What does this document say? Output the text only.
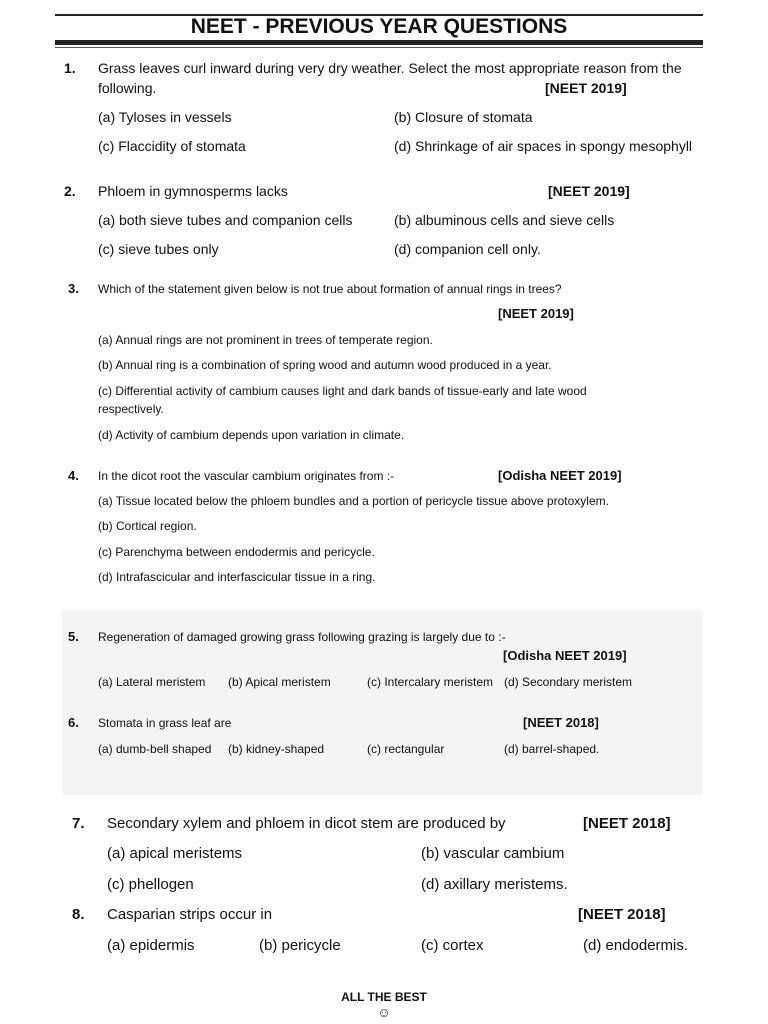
NEET - PREVIOUS YEAR QUESTIONS
1. Grass leaves curl inward during very dry weather. Select the most appropriate reason from the
following.	[NEET 2019]
(a) Tyloses in vessels	(b) Closure of stomata
(c) Flaccidity of stomata	(d) Shrinkage of air spaces in spongy mesophyll
2. Phloem in gymnosperms lacks	[NEET 2019]
(a) both sieve tubes and companion cells	(b) albuminous cells and sieve cells
(c) sieve tubes only	(d) companion cell only.
3. Which of the statement given below is not true about formation of annual rings in trees?
[NEET 2019]
(a) Annual rings are not prominent in trees of temperate region.
(b) Annual ring is a combination of spring wood and autumn wood produced in a year.
(c) Differential activity of cambium causes light and dark bands of tissue-early and late wood
respectively.
(d) Activity of cambium depends upon variation in climate.
4. In the dicot root the vascular cambium originates from :-	[Odisha NEET 2019]
(a) Tissue located below the phloem bundles and a portion of pericycle tissue above protoxylem.
(b) Cortical region.
(c) Parenchyma between endodermis and pericycle.
(d) Intrafascicular and interfascicular tissue in a ring.
5. Regeneration of damaged growing grass following grazing is largely due to :-
[Odisha NEET 2019]
(a) Lateral meristem (b) Apical meristem	(c) Intercalary meristem (d) Secondary meristem
6. Stomata in grass leaf are	[NEET 2018]
(a) dumb-bell shaped (b) kidney-shaped	(c) rectangular	(d) barrel-shaped.
7. Secondary xylem and phloem in dicot stem are produced by	[NEET 2018]
(a) apical meristems	(b) vascular cambium
(c) phellogen	(d) axillary meristems.
8. Casparian strips occur in	[NEET 2018]
(a) epidermis	(b) pericycle	(c) cortex	(d) endodermis.
ALL THE BEST
☺
